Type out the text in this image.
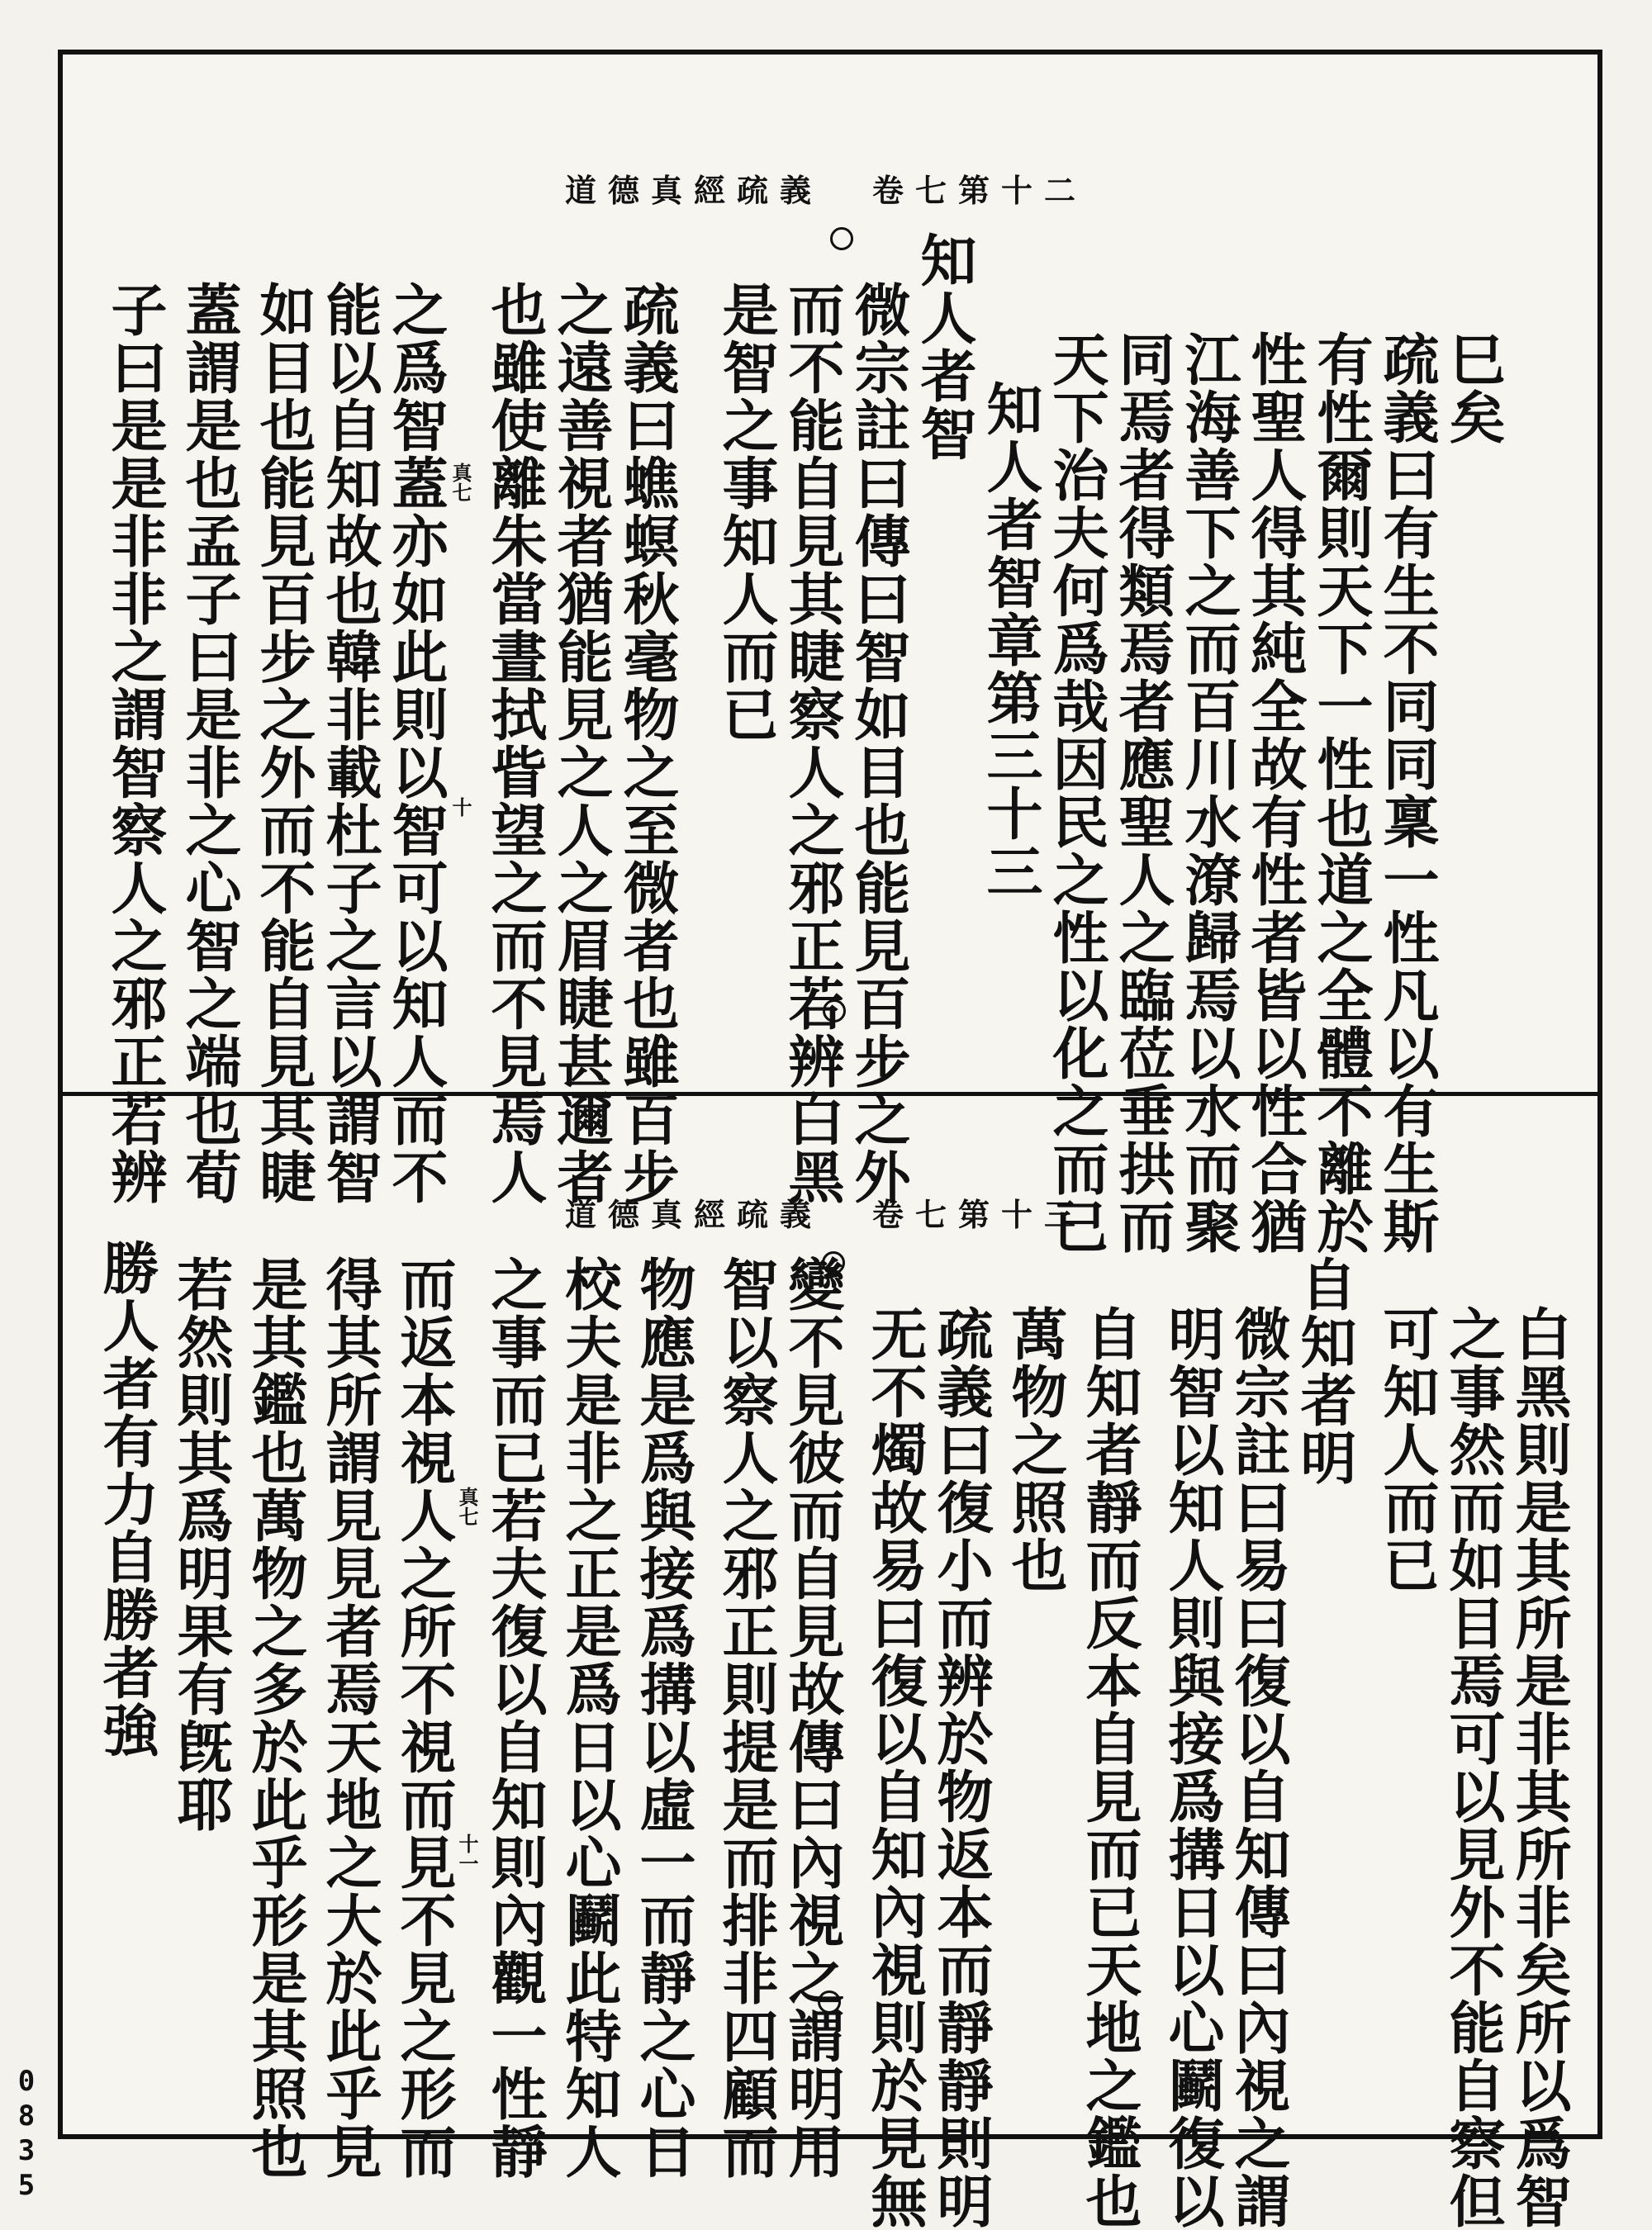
道德真經疏義 卷七第十二
巳矣
疏義曰有生不同同稟一性凡以有生斯
有性爾則天下一性也道之全體不離於
性聖人得其純全故有性者皆以性合猶
江海善下之而百川水潦歸焉以水而聚
同焉者得類焉者應聖人之臨莅垂拱而
天下治夫何爲哉因民之性以化之而已
知人者智章第三十三
知人者智
微宗註曰傳曰智如目也能見百步之外
而不能自見其睫察人之邪正若辨白黑
是智之事知人而已
疏義曰蟭螟秋毫物之至微者也雖百步
之遠善視者猶能見之人之眉睫甚邇者
也雖使離朱當晝拭眥望之而不見焉人
之爲智蓋亦如此則以智可以知人而不
能以自知故也韓非載杜子之言以謂智
如目也能見百步之外而不能自見其睫
蓋謂是也孟子曰是非之心智之端也荀
子曰是是非非之謂智察人之邪正若辨	真七
十
道德真經疏義 卷七第十三
白黑則是其所是非其所非矣所以爲智
之事然而如目焉可以見外不能自察但
可知人而已
自知者明
微宗註曰易曰復以自知傳曰內視之謂
明智以知人則與接爲搆日以心鬬復以
自知者靜而反本自見而已天地之鑑也
萬物之照也
疏義曰復小而辨於物返本而靜靜則明
无不燭故易曰復以自知內視則於見無
變不見彼而自見故傳曰內視之謂明用
智以察人之邪正則提是而排非四顧而
物應是爲與接爲搆以虛一而靜之心日
校夫是非之正是爲日以心鬬此特知人
之事而已若夫復以自知則內觀一性靜
而返本視人之所不視而見不見之形而
得其所謂見見者焉天地之大於此乎見
是其鑑也萬物之多於此乎形是其照也
若然則其爲明果有旣耶
勝人者有力自勝者強	真七
十一
0835
